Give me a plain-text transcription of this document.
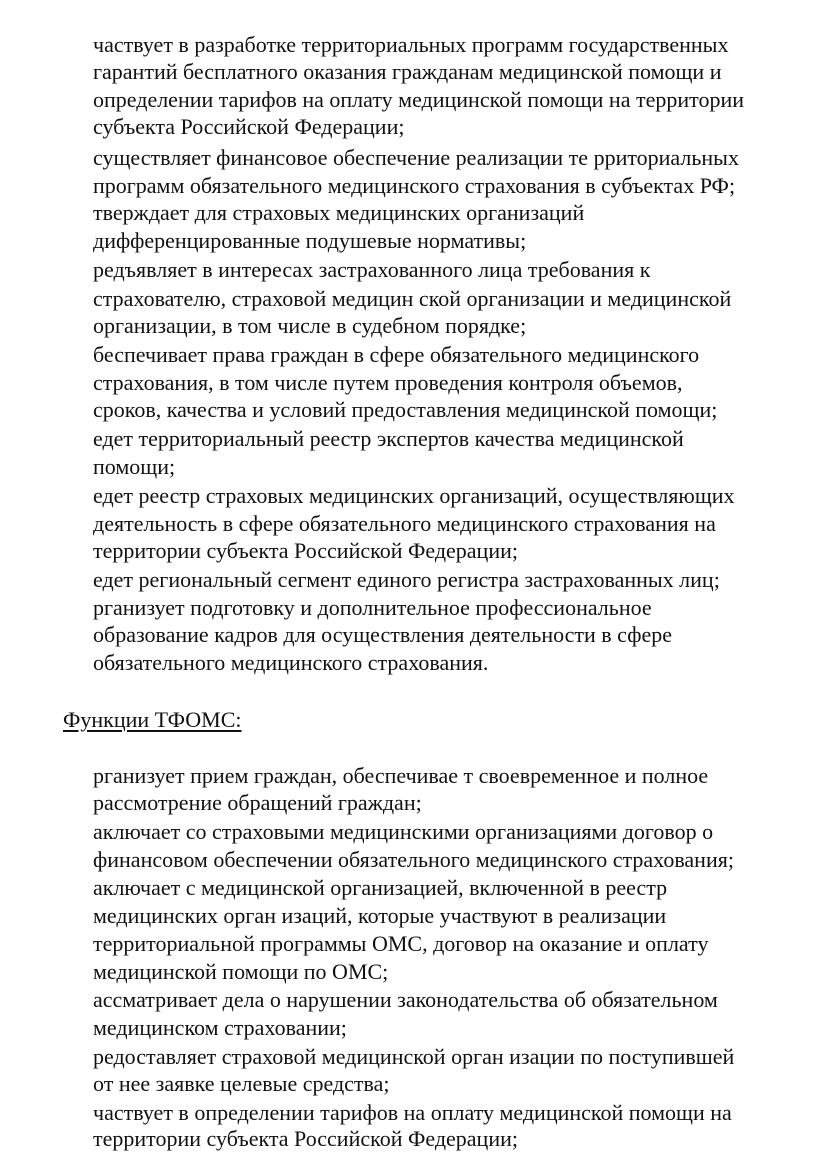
частвует в разработке территориальных программ государственных
гарантий бесплатного оказания гражданам медицинской помощи и
определении тарифов на оплату медицинской помощи на территории
субъекта Российской Федерации;
существляет финансовое обеспечение реализации те рриториальных
программ обязательного медицинского страхования в субъектах РФ;
тверждает для страховых медицинских организаций
дифференцированные подушевые нормативы;
редъявляет в интересах застрахованного лица требования к
страхователю, страховой медицин ской организации и медицинской
организации, в том числе в судебном порядке;
беспечивает права граждан в сфере обязательного медицинского
страхования, в том числе путем проведения контроля объемов,
сроков, качества и условий предоставления медицинской помощи;
едет территориальный реестр экспертов качества медицинской
помощи;
едет реестр страховых медицинских организаций, осуществляющих
деятельность в сфере обязательного медицинского страхования на
территории субъекта Российской Федерации;
едет региональный сегмент единого регистра застрахованных лиц;
рганизует подготовку и дополнительное профессиональное
образование кадров для осуществления деятельности в сфере
обязательного медицинского страхования.
Функции ТФОМС:
рганизует прием граждан, обеспечивае т своевременное и полное
рассмотрение обращений граждан;
аключает со страховыми медицинскими организациями договор о
финансовом обеспечении обязательного медицинского страхования;
аключает с медицинской организацией, включенной в реестр
медицинских орган изаций, которые участвуют в реализации
территориальной программы ОМС, договор на оказание и оплату
медицинской помощи по ОМС;
ассматривает дела о нарушении законодательства об обязательном
медицинском страховании;
редоставляет страховой медицинской орган изации по поступившей
от нее заявке целевые средства;
частвует в определении тарифов на оплату медицинской помощи на
территории субъекта Российской Федерации;
